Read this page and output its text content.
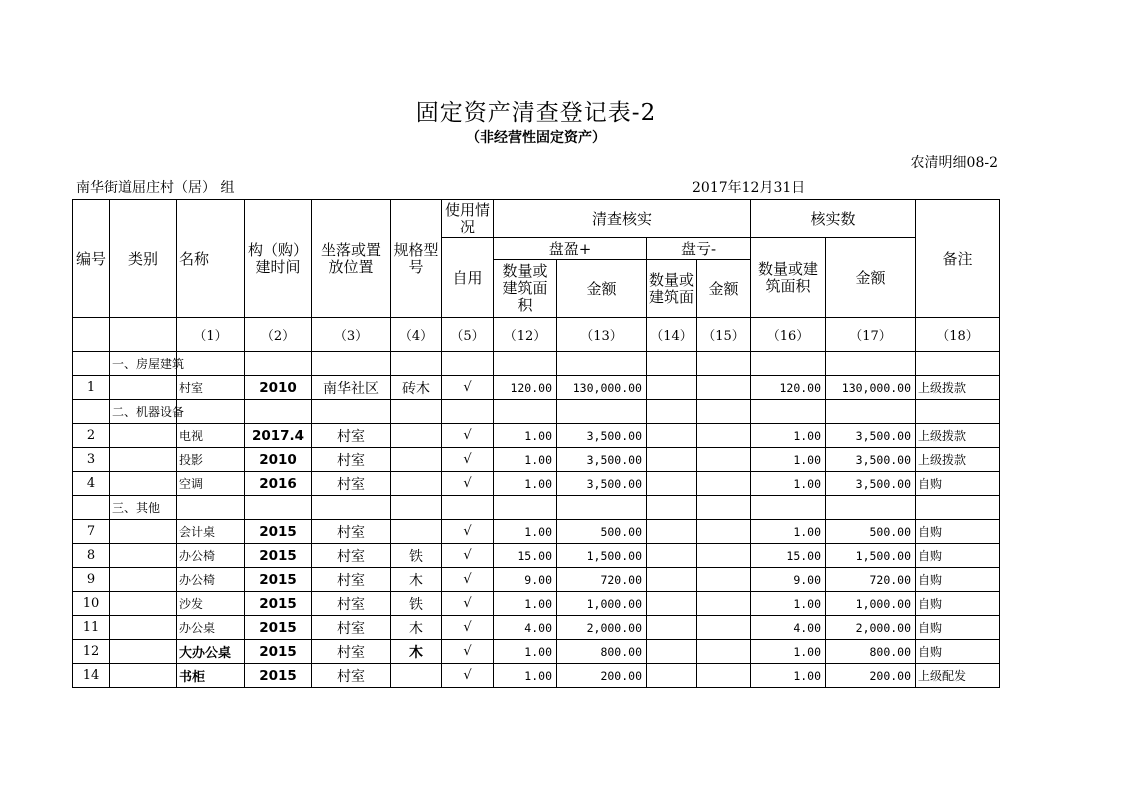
固定资产清查登记表-2
（非经营性固定资产）
农清明细08-2
南华街道屈庄村（居） 组	2017年12月31日
编号	类别	名称	构（购）建时间	坐落或置放位置	规格型号	使用情况	清查核实				核实数		备注
						自用	盘盈+		盘亏-		数量或建筑面积	金额	
							数量或建筑面积	金额	数量或建筑面	金额			
		（1）	（2）	（3）	（4）	（5）	（12）	（13）	（14）	（15）	（16）	（17）	（18）
	一、房屋建筑												
1		村室	2010	南华社区	砖木	√	120.00	130,000.00			120.00	130,000.00	上级拨款
	二、机器设备												
2		电视	2017.4	村室		√	1.00	3,500.00			1.00	3,500.00	上级拨款
3		投影	2010	村室		√	1.00	3,500.00			1.00	3,500.00	上级拨款
4		空调	2016	村室		√	1.00	3,500.00			1.00	3,500.00	自购
	三、其他												
7		会计桌	2015	村室		√	1.00	500.00			1.00	500.00	自购
8		办公椅	2015	村室	铁	√	15.00	1,500.00			15.00	1,500.00	自购
9		办公椅	2015	村室	木	√	9.00	720.00			9.00	720.00	自购
10		沙发	2015	村室	铁	√	1.00	1,000.00			1.00	1,000.00	自购
11		办公桌	2015	村室	木	√	4.00	2,000.00			4.00	2,000.00	自购
12		大办公桌	2015	村室	木	√	1.00	800.00			1.00	800.00	自购
14		书柜	2015	村室		√	1.00	200.00			1.00	200.00	上级配发
